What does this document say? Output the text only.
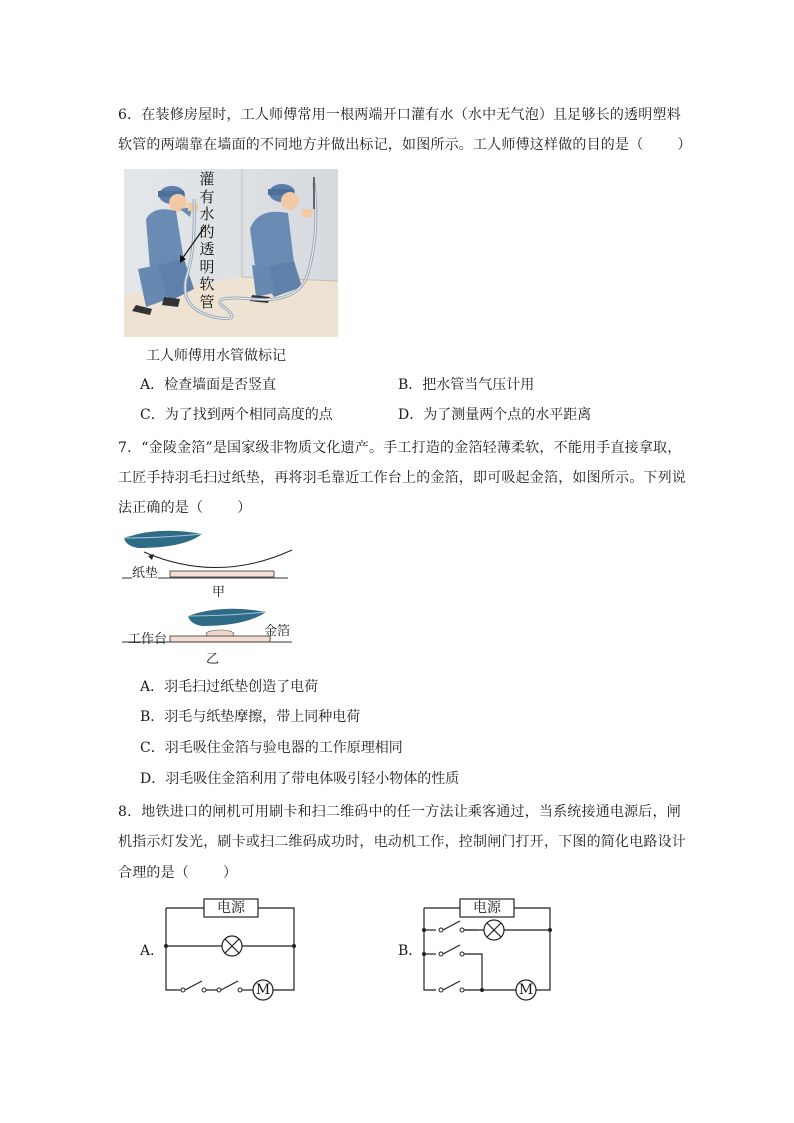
6．在装修房屋时，工人师傅常用一根两端开口灌有水（水中无气泡）且足够长的透明塑料
软管的两端靠在墙面的不同地方并做出标记，如图所示。工人师傅这样做的目的是（ ）
灌
有
水
的
透
明
软
管
工人师傅用水管做标记
A．检查墙面是否竖直	B．把水管当气压计用
C．为了找到两个相同高度的点	D．为了测量两个点的水平距离
7．“金陵金箔”是国家级非物质文化遗产。手工打造的金箔轻薄柔软，不能用手直接拿取，
工匠手持羽毛扫过纸垫，再将羽毛靠近工作台上的金箔，即可吸起金箔，如图所示。下列说
法正确的是（ ）
纸垫
甲
金箔
工作台
乙
A．羽毛扫过纸垫创造了电荷
B．羽毛与纸垫摩擦，带上同种电荷
C．羽毛吸住金箔与验电器的工作原理相同
D．羽毛吸住金箔利用了带电体吸引轻小物体的性质
8．地铁进口的闸机可用刷卡和扫二维码中的任一方法让乘客通过，当系统接通电源后，闸
机指示灯发光，刷卡或扫二维码成功时，电动机工作，控制闸门打开，下图的简化电路设计
合理的是（ ）
A．
电源
M
B．
电源
M
